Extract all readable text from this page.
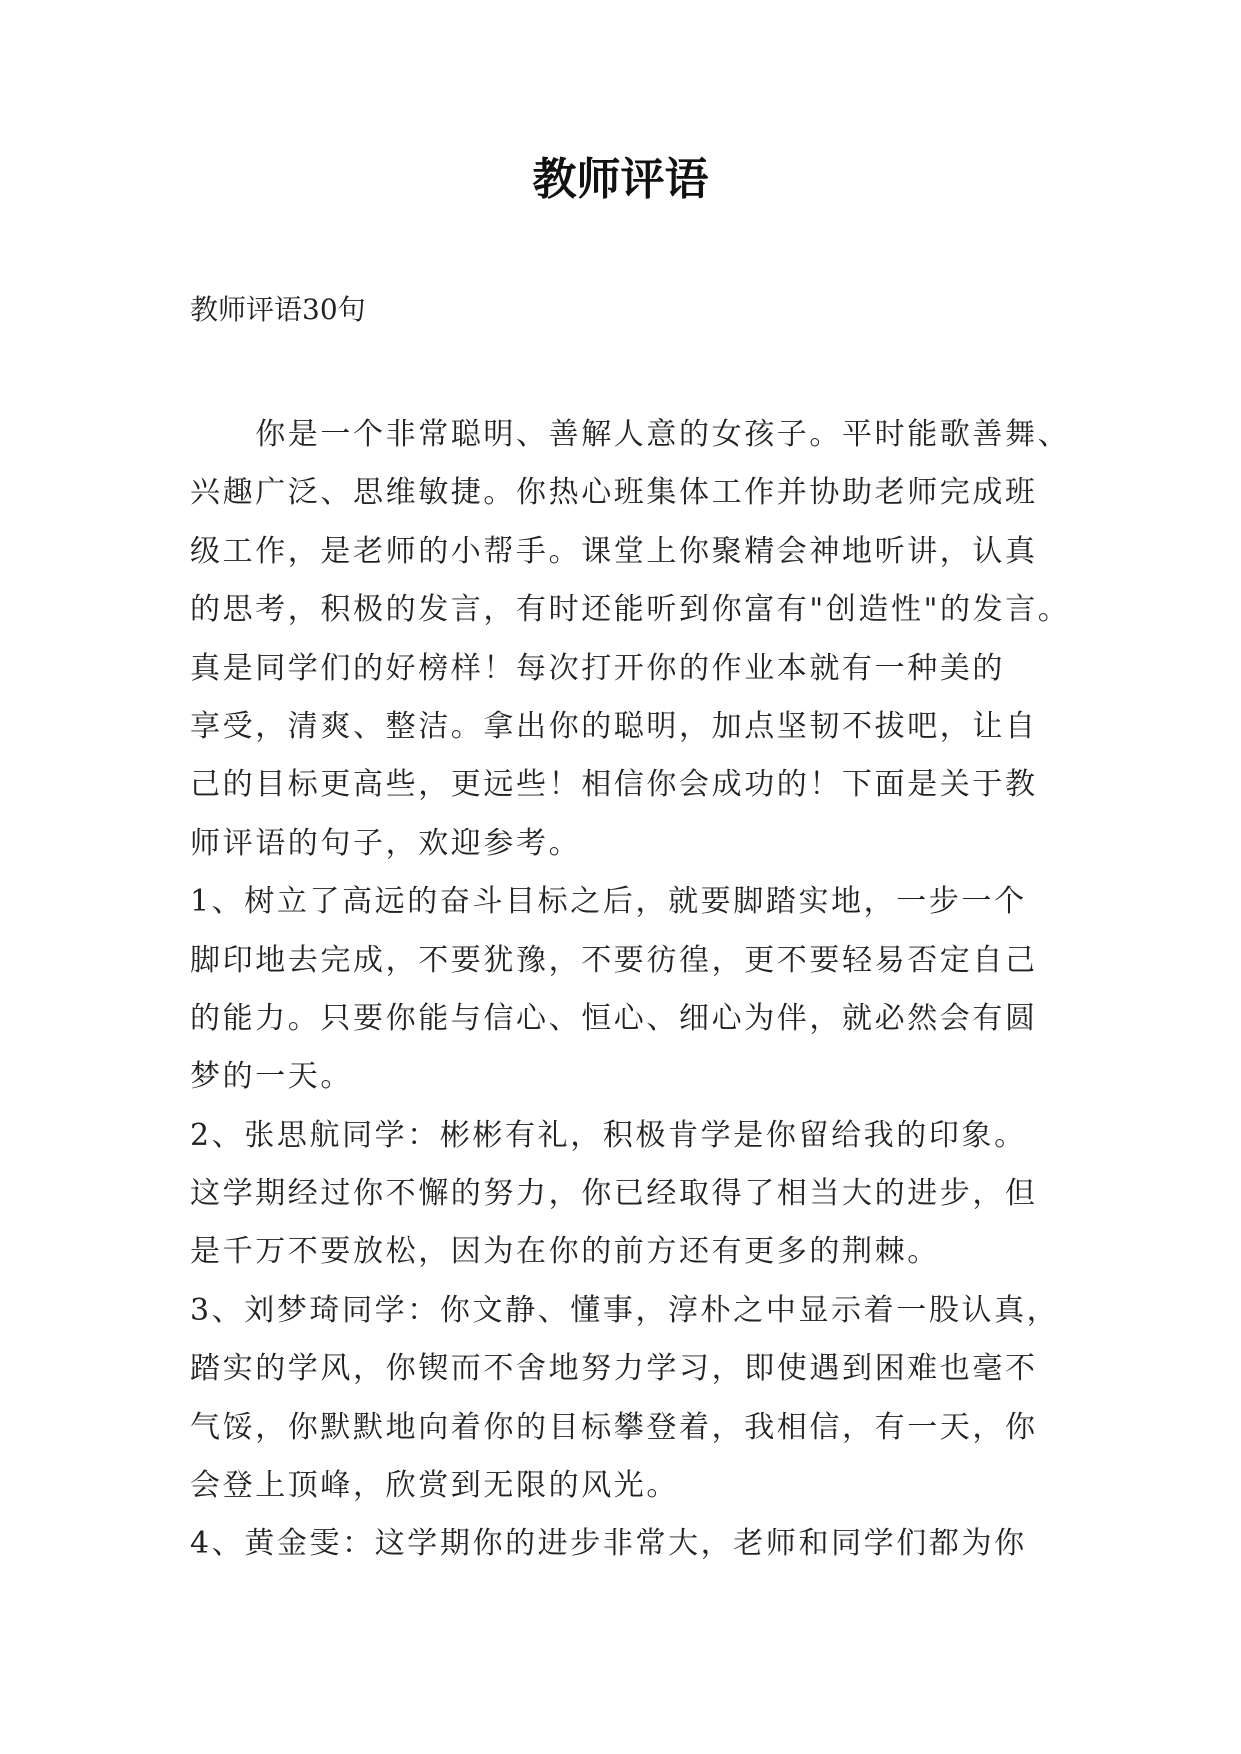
教师评语

教师评语30句

　　你是一个非常聪明、善解人意的女孩子。平时能歌善舞、
兴趣广泛、思维敏捷。你热心班集体工作并协助老师完成班
级工作，是老师的小帮手。课堂上你聚精会神地听讲，认真
的思考，积极的发言，有时还能听到你富有"创造性"的发言。
真是同学们的好榜样！每次打开你的作业本就有一种美的
享受，清爽、整洁。拿出你的聪明，加点坚韧不拔吧，让自
己的目标更高些，更远些！相信你会成功的！下面是关于教
师评语的句子，欢迎参考。
1、树立了高远的奋斗目标之后，就要脚踏实地，一步一个
脚印地去完成，不要犹豫，不要彷徨，更不要轻易否定自己
的能力。只要你能与信心、恒心、细心为伴，就必然会有圆
梦的一天。
2、张思航同学：彬彬有礼，积极肯学是你留给我的印象。
这学期经过你不懈的努力，你已经取得了相当大的进步，但
是千万不要放松，因为在你的前方还有更多的荆棘。
3、刘梦琦同学：你文静、懂事，淳朴之中显示着一股认真，
踏实的学风，你锲而不舍地努力学习，即使遇到困难也毫不
气馁，你默默地向着你的目标攀登着，我相信，有一天，你
会登上顶峰，欣赏到无限的风光。
4、黄金雯：这学期你的进步非常大，老师和同学们都为你
